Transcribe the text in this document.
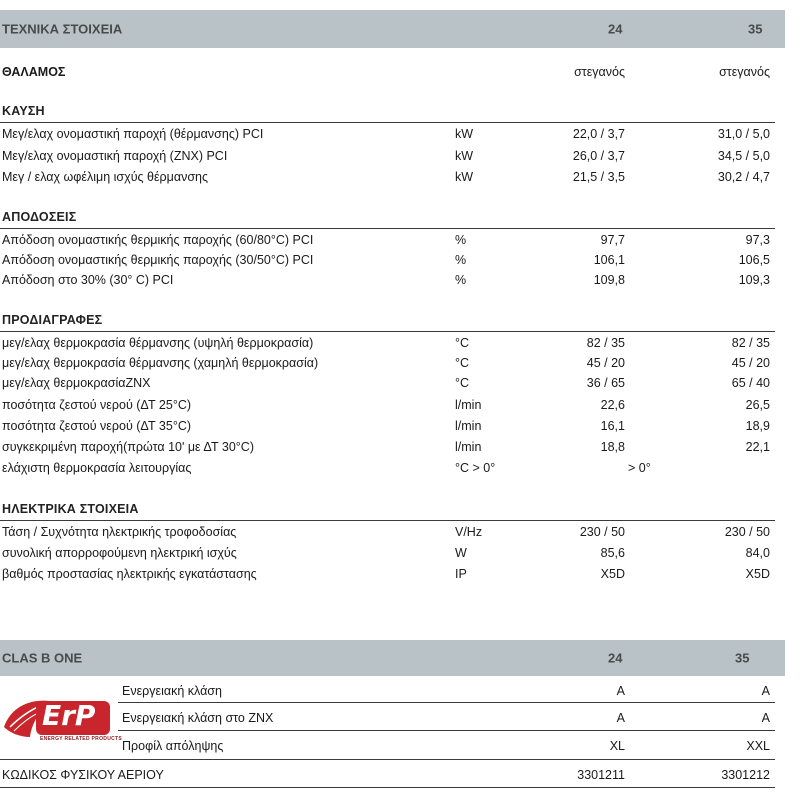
ΤΕΧΝΙΚΑ ΣΤΟΙΧΕΙΑ	24	35
ΘΑΛΑΜΟΣ	στεγανός	στεγανός
ΚΑΥΣΗ
Μεγ/ελαχ ονομαστική παροχή (θέρμανσης) PCI	kW	22,0 / 3,7	31,0 / 5,0
Μεγ/ελαχ ονομαστική παροχή (ΖΝΧ) PCI	kW	26,0 / 3,7	34,5 / 5,0
Μεγ / ελαχ ωφέλιμη ισχύς θέρμανσης	kW	21,5 / 3,5	30,2 / 4,7
ΑΠΟΔΟΣΕΙΣ
Απόδοση ονομαστικής θερμικής παροχής (60/80°C) PCI	%	97,7	97,3
Απόδοση ονομαστικής θερμικής παροχής (30/50°C) PCI	%	106,1	106,5
Απόδοση στο 30% (30° C) PCI	%	109,8	109,3
ΠΡΟΔΙΑΓΡΑΦΕΣ
μεγ/ελαχ θερμοκρασία θέρμανσης (υψηλή θερμοκρασία)	°C	82 / 35	82 / 35
μεγ/ελαχ θερμοκρασία θέρμανσης (χαμηλή θερμοκρασία)	°C	45 / 20	45 / 20
μεγ/ελαχ θερμοκρασίαΖΝΧ	°C	36 / 65	65 / 40
ποσότητα ζεστού νερού (ΔΤ 25°C)	l/min	22,6	26,5
ποσότητα ζεστού νερού (ΔΤ 35°C)	l/min	16,1	18,9
συγκεκριμένη παροχή(πρώτα 10' με ΔΤ 30°C)	l/min	18,8	22,1
ελάχιστη θερμοκρασία λειτουργίας	°C > 0°	> 0°
ΗΛΕΚΤΡΙΚΑ ΣΤΟΙΧΕΙΑ
Τάση / Συχνότητα ηλεκτρικής τροφοδοσίας	V/Hz	230 / 50	230 / 50
συνολική απορροφούμενη ηλεκτρική ισχύς	W	85,6	84,0
βαθμός προστασίας ηλεκτρικής εγκατάστασης	IP	X5D	X5D
CLAS B ONE	24	35
ErP
ENERGY RELATED PRODUCTS
Ενεργειακή κλάση	A	A
Ενεργειακή κλάση στο ΖΝΧ	A	A
Προφίλ απόληψης	XL	XXL
ΚΩΔΙΚΟΣ ΦΥΣΙΚΟΥ ΑΕΡΙΟΥ	3301211	3301212
